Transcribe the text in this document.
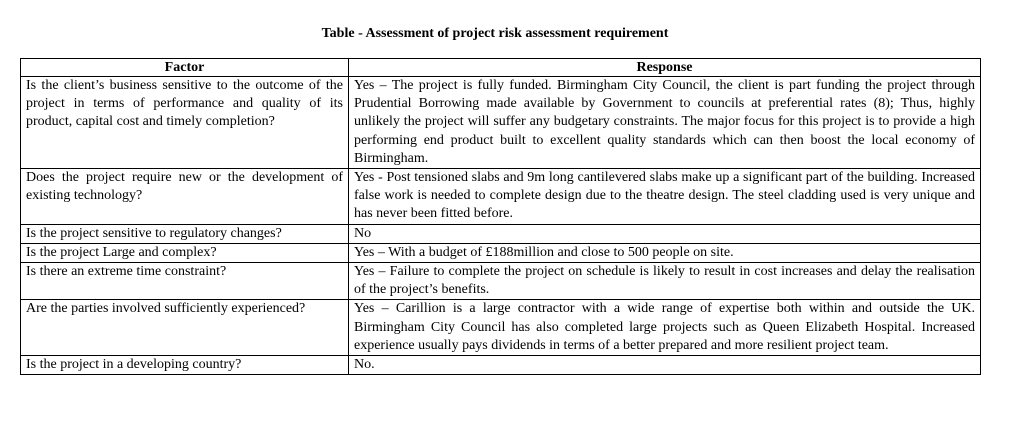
Table - Assessment of project risk assessment requirement
Factor	Response
Is the client’s business sensitive to the outcome of the project in terms of performance and quality of its product, capital cost and timely completion?	Yes – The project is fully funded. Birmingham City Council, the client is part funding the project through Prudential Borrowing made available by Government to councils at preferential rates (8); Thus, highly unlikely the project will suffer any budgetary constraints. The major focus for this project is to provide a high performing end product built to excellent quality standards which can then boost the local economy of Birmingham.
Does the project require new or the development of existing technology?	Yes - Post tensioned slabs and 9m long cantilevered slabs make up a significant part of the building. Increased false work is needed to complete design due to the theatre design. The steel cladding used is very unique and has never been fitted before.
Is the project sensitive to regulatory changes?	No
Is the project Large and complex?	Yes – With a budget of £188million and close to 500 people on site.
Is there an extreme time constraint?	Yes – Failure to complete the project on schedule is likely to result in cost increases and delay the realisation of the project’s benefits.
Are the parties involved sufficiently experienced?	Yes – Carillion is a large contractor with a wide range of expertise both within and outside the UK. Birmingham City Council has also completed large projects such as Queen Elizabeth Hospital. Increased experience usually pays dividends in terms of a better prepared and more resilient project team.
Is the project in a developing country?	No.
